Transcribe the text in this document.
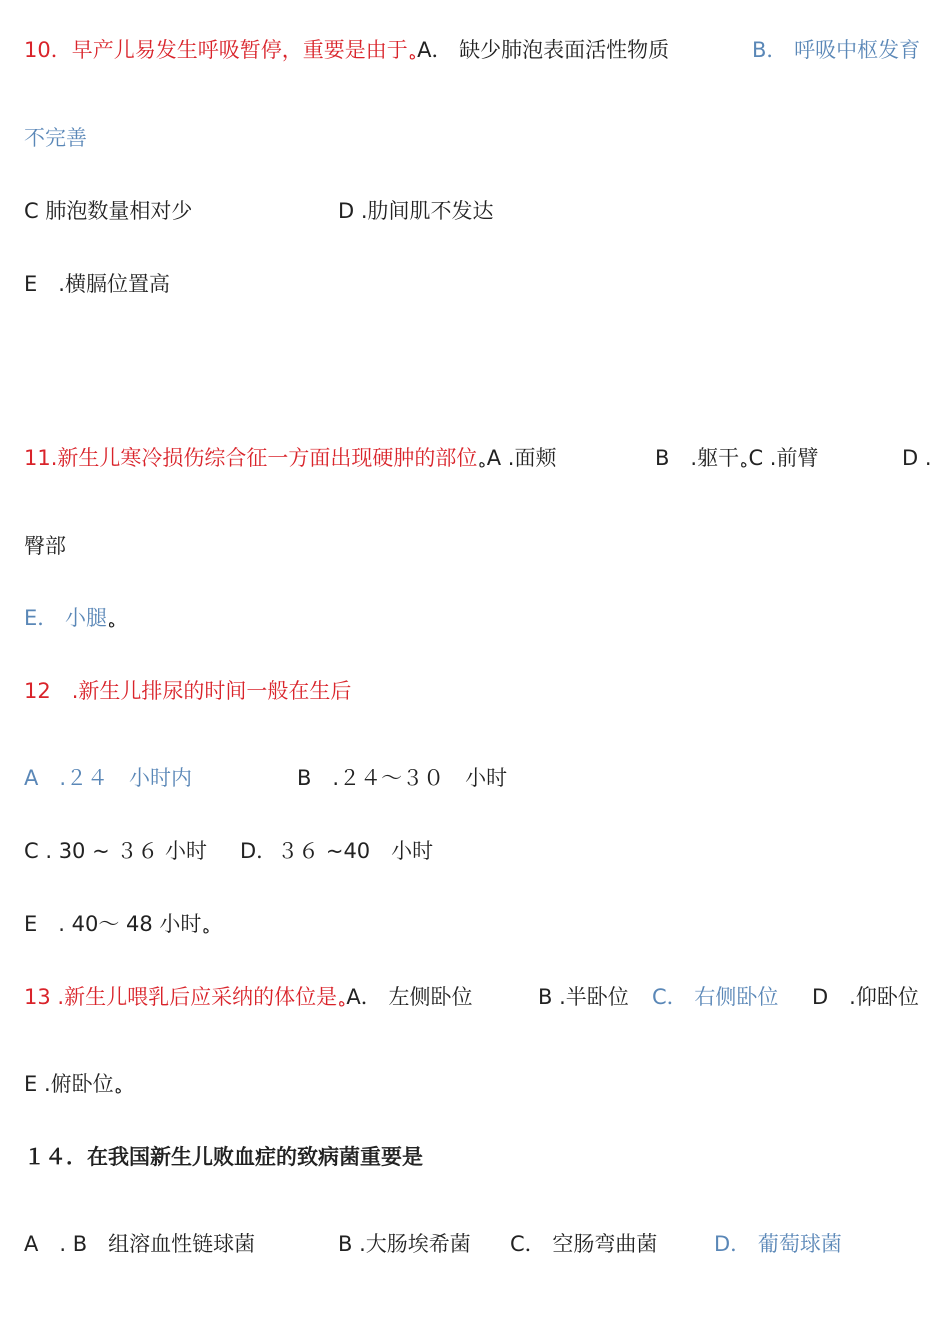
10．早产儿易发生呼吸暂停，重要是由于ﻩA． 缺少肺泡表面活性物质	B． 呼吸中枢发育
不完善
C 肺泡数量相对少	D .肋间肌不发达
E　.横膈位置高
11.新生儿寒冷损伤综合征一方面出现硬肿的部位ﻩA .面颊	B　.躯干ﻩC .前臂	D .
臀部
E． 小腿ﻩ
12　.新生儿排尿的时间一般在生后
A　.２４　小时内	B　.２４～３０　小时
C . 30 ~ ３６ 小时 D．３６ ~40　小时
E　. 40～ 48 小时ﻩ
13 .新生儿喂乳后应采纳的体位是ﻩA． 左侧卧位	B .半卧位 C． 右侧卧位 D　.仰卧位
E .俯卧位ﻩ
１４．在我国新生儿败血症的致病菌重要是
A　. B　组溶血性链球菌	B .大肠埃希菌 C． 空肠弯曲菌	D． 葡萄球菌
